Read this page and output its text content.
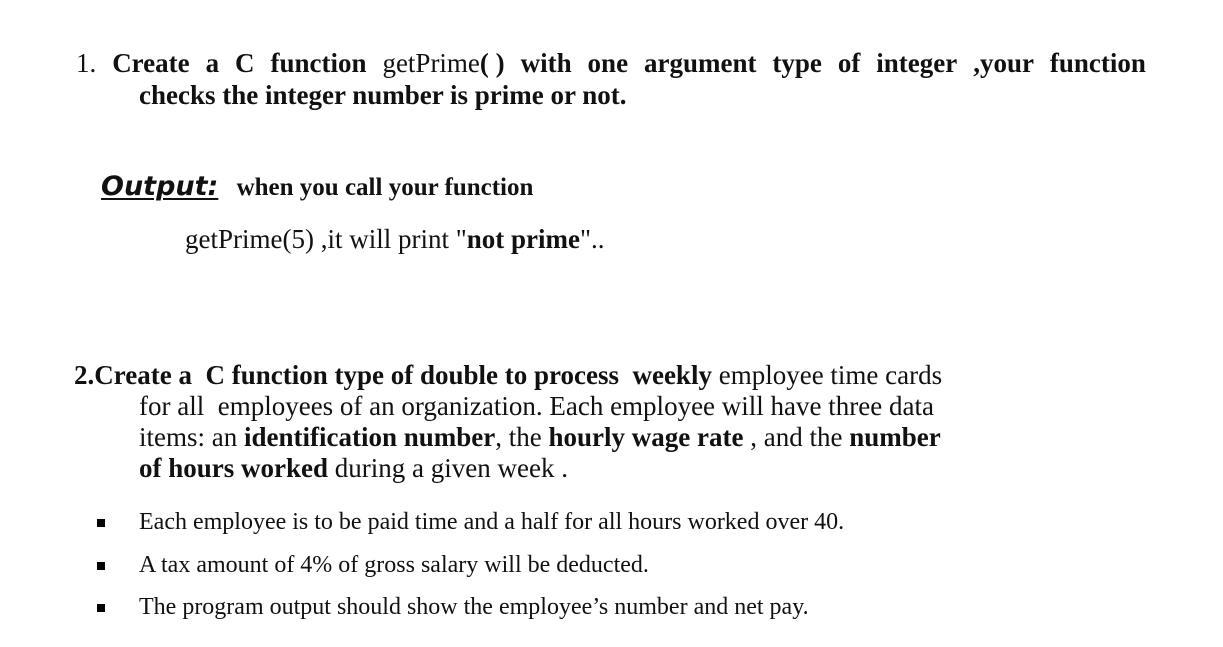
1. Create a C function getPrime( ) with one argument type of integer ,your function
checks the integer number is prime or not.
Output: when you call your function
getPrime(5) ,it will print "not prime"..
2.Create a  C function type of double to process  weekly employee time cards
for all  employees of an organization. Each employee will have three data
items: an identification number, the hourly wage rate , and the number
of hours worked during a given week .
Each employee is to be paid time and a half for all hours worked over 40.
A tax amount of 4% of gross salary will be deducted.
The program output should show the employee’s number and net pay.
